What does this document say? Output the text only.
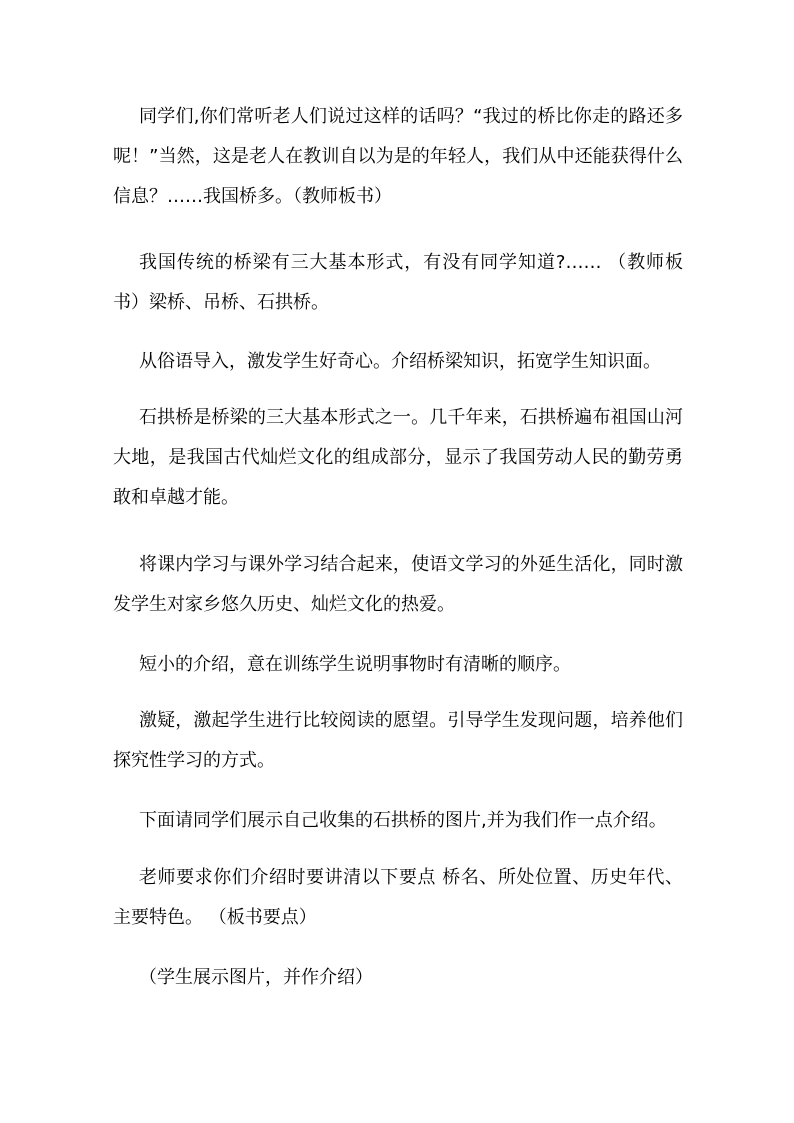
同学们,你们常听老人们说过这样的话吗？“我过的桥比你走的路还多呢！”当然，这是老人在教训自以为是的年轻人，我们从中还能获得什么信息？……我国桥多。（教师板书）

我国传统的桥梁有三大基本形式，有没有同学知道?…… （教师板书）梁桥、吊桥、石拱桥。

从俗语导入，激发学生好奇心。介绍桥梁知识，拓宽学生知识面。

石拱桥是桥梁的三大基本形式之一。几千年来，石拱桥遍布祖国山河大地，是我国古代灿烂文化的组成部分，显示了我国劳动人民的勤劳勇敢和卓越才能。

将课内学习与课外学习结合起来，使语文学习的外延生活化，同时激发学生对家乡悠久历史、灿烂文化的热爱。

短小的介绍，意在训练学生说明事物时有清晰的顺序。

激疑，激起学生进行比较阅读的愿望。引导学生发现问题，培养他们探究性学习的方式。

下面请同学们展示自己收集的石拱桥的图片,并为我们作一点介绍。

老师要求你们介绍时要讲清以下要点 桥名、所处位置、历史年代、主要特色。 （板书要点）

（学生展示图片，并作介绍）
